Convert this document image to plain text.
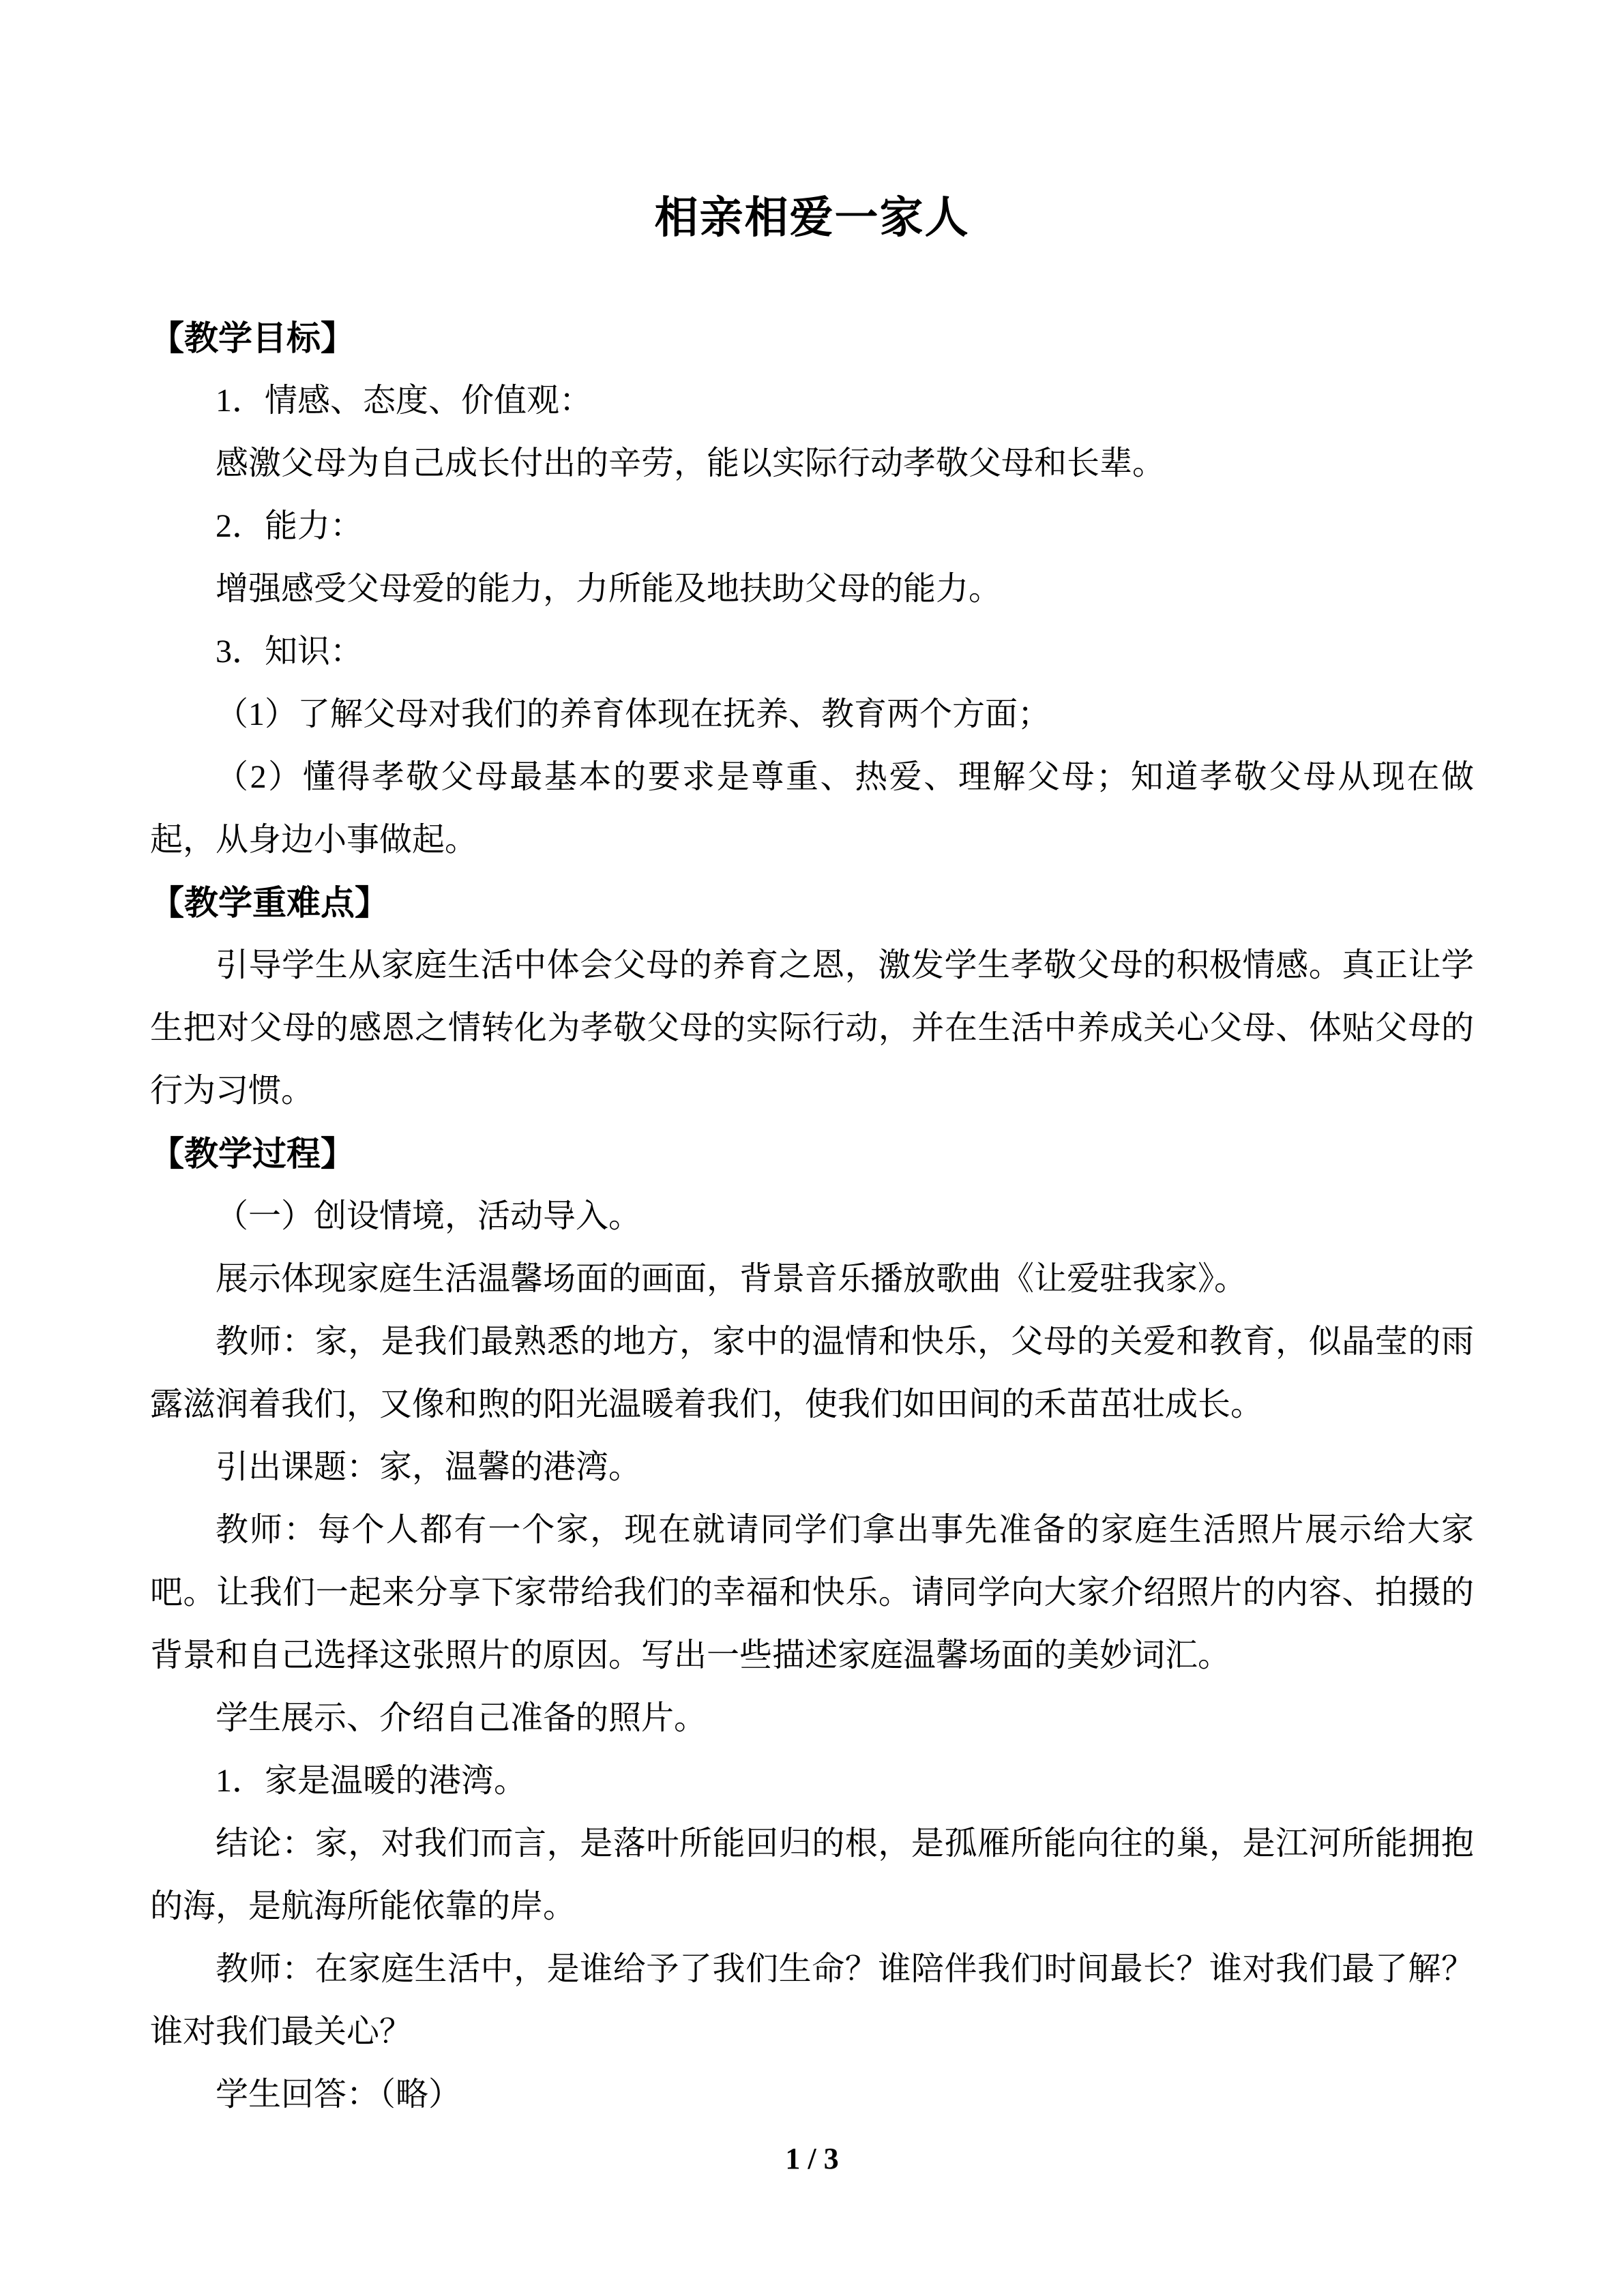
相亲相爱一家人
【教学目标】

1．情感、态度、价值观：

感激父母为自己成长付出的辛劳，能以实际行动孝敬父母和长辈。

2．能力：

增强感受父母爱的能力，力所能及地扶助父母的能力。

3．知识：

（1）了解父母对我们的养育体现在抚养、教育两个方面；

（2）懂得孝敬父母最基本的要求是尊重、热爱、理解父母；知道孝敬父母从现在做起，从身边小事做起。

【教学重难点】

引导学生从家庭生活中体会父母的养育之恩，激发学生孝敬父母的积极情感。真正让学生把对父母的感恩之情转化为孝敬父母的实际行动，并在生活中养成关心父母、体贴父母的行为习惯。

【教学过程】

（一）创设情境，活动导入。

展示体现家庭生活温馨场面的画面，背景音乐播放歌曲《让爱驻我家》。

教师：家，是我们最熟悉的地方，家中的温情和快乐，父母的关爱和教育，似晶莹的雨露滋润着我们，又像和煦的阳光温暖着我们，使我们如田间的禾苗茁壮成长。

引出课题：家，温馨的港湾。

教师：每个人都有一个家，现在就请同学们拿出事先准备的家庭生活照片展示给大家吧。让我们一起来分享下家带给我们的幸福和快乐。请同学向大家介绍照片的内容、拍摄的背景和自己选择这张照片的原因。写出一些描述家庭温馨场面的美妙词汇。

学生展示、介绍自己准备的照片。

1．家是温暖的港湾。

结论：家，对我们而言，是落叶所能回归的根，是孤雁所能向往的巢，是江河所能拥抱的海，是航海所能依靠的岸。

教师：在家庭生活中，是谁给予了我们生命？谁陪伴我们时间最长？谁对我们最了解？谁对我们最关心？

学生回答：（略）

1 / 3
